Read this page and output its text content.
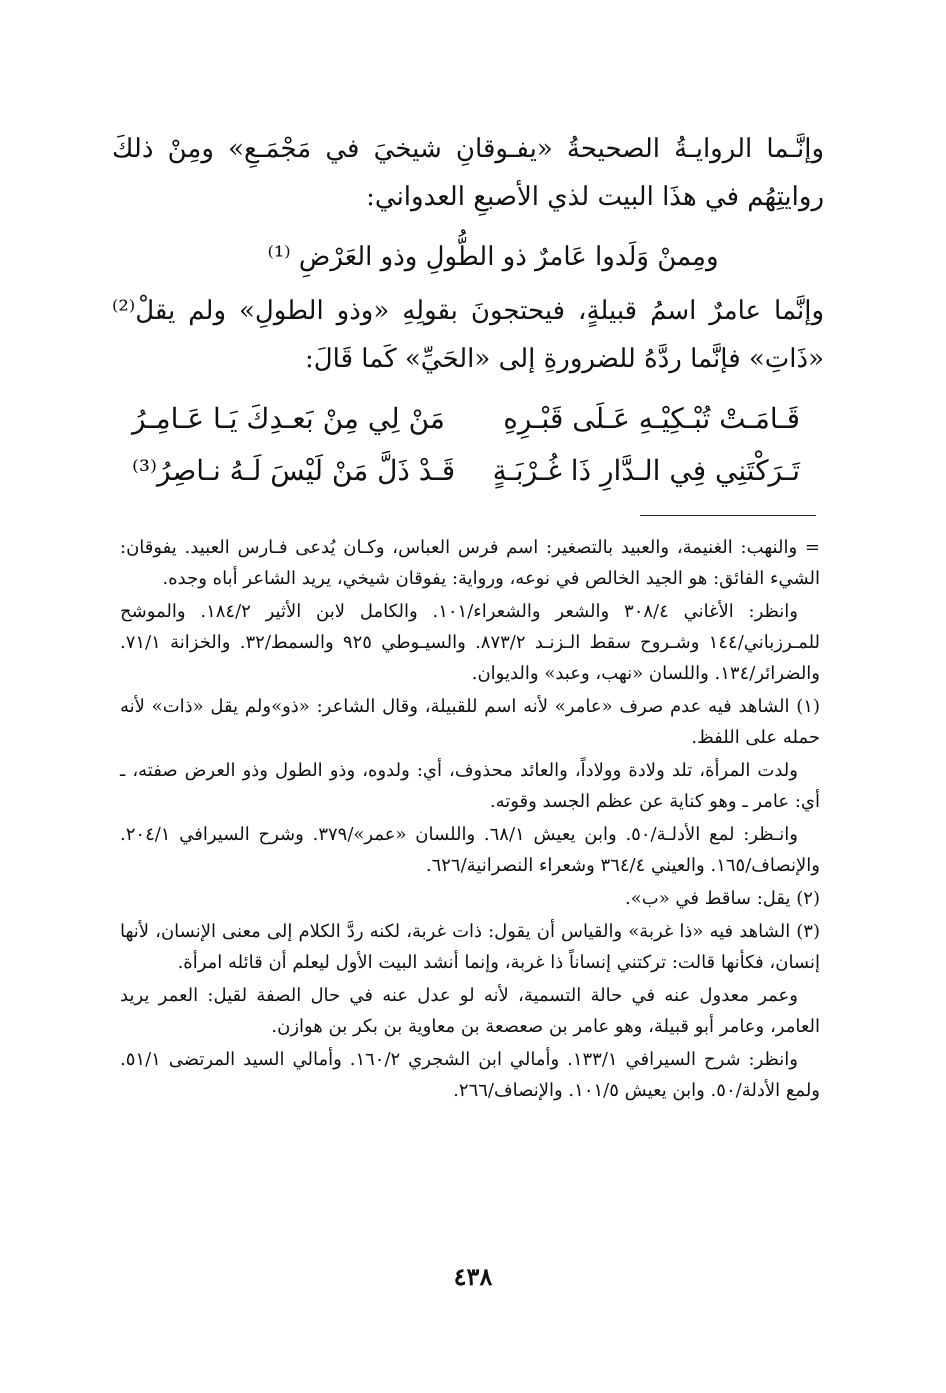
وإنَّـما الروايـةُ الصحيحةُ «يفـوقانِ شيخيَ في مَجْمَـعِ» ومِنْ ذلكَ روايتِهُم في هذَا البيت لذي الأصبعِ العدواني:

ومِمنْ وَلَدوا عَامرٌ ذو الطُّولِ وذو العَرْضِ ⁽¹⁾

وإنَّما عامرٌ اسمُ قبيلةٍ، فيحتجونَ بقولِهِ «وذو الطولِ» ولم يقلْ⁽²⁾ «ذَاتِ» فإنَّما ردَّهُ للضرورةِ إلى «الحَيِّ» كَما قَالَ:

قَـامَـتْ تُبْـكِيْـهِ عَـلَى قَبْـرِهِ
مَنْ لِي مِنْ بَعـدِكَ يَـا عَـامِـرُ
تَـرَكْتَنِي فِي الـدَّارِ ذَا غُـرْبَـةٍ
قَـدْ ذَلَّ مَنْ لَيْسَ لَـهُ نـاصِرُ⁽³⁾

= والنهب: الغنيمة، والعبيد بالتصغير: اسم فرس العباس، وكـان يُدعى فـارس العبيد. يفوقان: الشيء الفائق: هو الجيد الخالص في نوعه، ورواية: يفوقان شيخي، يريد الشاعر أباه وجده.

وانظر: الأغاني ٣٠٨/٤ والشعر والشعراء/١٠١. والكامل لابن الأثير ١٨٤/٢. والموشح للمـرزباني/١٤٤ وشـروح سقط الـزنـد ٨٧٣/٢. والسيـوطي ٩٢٥ والسمط/٣٢. والخزانة ٧١/١. والضرائر/١٣٤. واللسان «نهب، وعبد» والديوان.

(١) الشاهد فيه عدم صرف «عامر» لأنه اسم للقبيلة، وقال الشاعر: «ذو»ولم يقل «ذات» لأنه حمله على اللفظ.

ولدت المرأة، تلد ولادة وولاداً، والعائد محذوف، أي: ولدوه، وذو الطول وذو العرض صفته، ـ أي: عامر ـ وهو كناية عن عظم الجسد وقوته.

وانـظر: لمع الأدلـة/٥٠. وابن يعيش ٦٨/١. واللسان «عمر»/٣٧٩. وشرح السيرافي ٢٠٤/١. والإنصاف/١٦٥. والعيني ٣٦٤/٤ وشعراء النصرانية/٦٢٦.

(٢) يقل: ساقط في «ب».

(٣) الشاهد فيه «ذا غربة» والقياس أن يقول: ذات غربة، لكنه ردَّ الكلام إلى معنى الإنسان، لأنها إنسان، فكأنها قالت: تركتني إنساناً ذا غربة، وإنما أنشد البيت الأول ليعلم أن قائله امرأة.

وعمر معدول عنه في حالة التسمية، لأنه لو عدل عنه في حال الصفة لقيل: العمر يريد العامر، وعامر أبو قبيلة، وهو عامر بن صعصعة بن معاوية بن بكر بن هوازن.

وانظر: شرح السيرافي ١٣٣/١. وأمالي ابن الشجري ١٦٠/٢. وأمالي السيد المرتضى ٥١/١. ولمع الأدلة/٥٠. وابن يعيش ١٠١/٥. والإنصاف/٢٦٦.

٤٣٨
